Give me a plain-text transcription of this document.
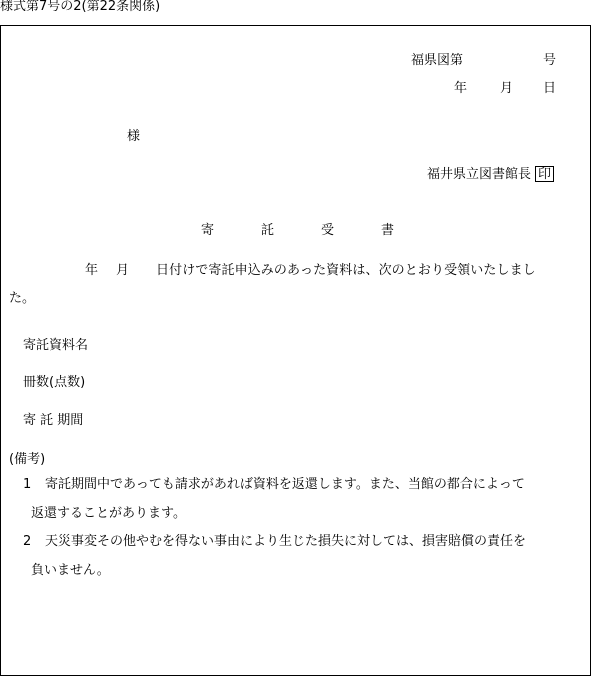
様式第7号の2(第22条関係)
福県図第	号
年	月 日
様
福井県立図書館長 印
寄	託	受	書
年 月 日付けで寄託申込みのあった資料は、次のとおり受領いたしまし
た。
寄託資料名
冊数(点数)
寄 託 期間
(備考)
1 寄託期間中であっても請求があれば資料を返還します。また、当館の都合によって
返還することがあります。
2 天災事変その他やむを得ない事由により生じた損失に対しては、損害賠償の責任を
負いません。
